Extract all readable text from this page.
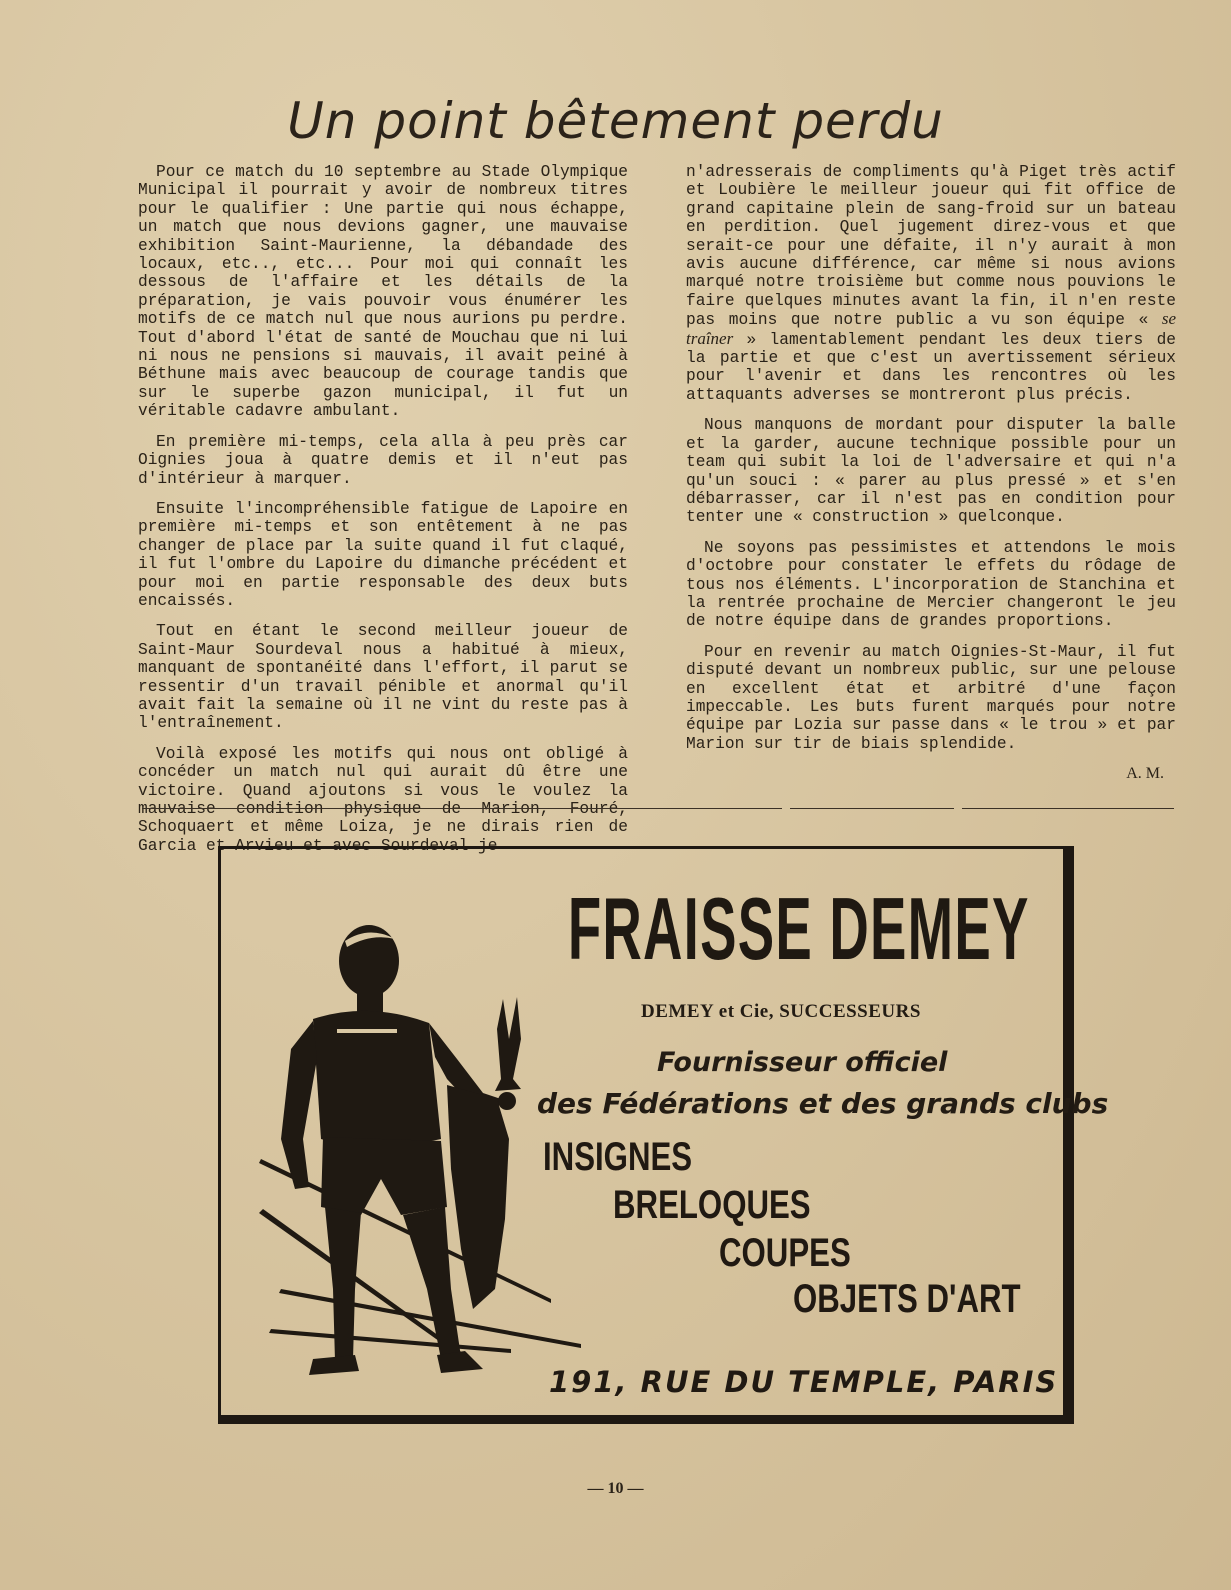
Un point bêtement perdu

Pour ce match du 10 septembre au Stade Olympique Municipal il pourrait y avoir de nombreux titres pour le qualifier : Une partie qui nous échappe, un match que nous devions gagner, une mauvaise exhibition Saint-Maurienne, la débandade des locaux, etc.., etc... Pour moi qui connaît les dessous de l'affaire et les détails de la préparation, je vais pouvoir vous énumérer les motifs de ce match nul que nous aurions pu perdre. Tout d'abord l'état de santé de Mouchau que ni lui ni nous ne pensions si mauvais, il avait peiné à Béthune mais avec beaucoup de courage tandis que sur le superbe gazon municipal, il fut un véritable cadavre ambulant.

En première mi-temps, cela alla à peu près car Oignies joua à quatre demis et il n'eut pas d'intérieur à marquer.

Ensuite l'incompréhensible fatigue de Lapoire en première mi-temps et son entêtement à ne pas changer de place par la suite quand il fut claqué, il fut l'ombre du Lapoire du dimanche précédent et pour moi en partie responsable des deux buts encaissés.

Tout en étant le second meilleur joueur de Saint-Maur Sourdeval nous a habitué à mieux, manquant de spontanéité dans l'effort, il parut se ressentir d'un travail pénible et anormal qu'il avait fait la semaine où il ne vint du reste pas à l'entraînement.

Voilà exposé les motifs qui nous ont obligé à concéder un match nul qui aurait dû être une victoire. Quand ajoutons si vous le voulez la mauvaise condition physique de Marion, Fouré, Schoquaert et même Loiza, je ne dirais rien de Garcia et Arvieu et avec Sourdeval je

n'adresserais de compliments qu'à Piget très actif et Loubière le meilleur joueur qui fit office de grand capitaine plein de sang-froid sur un bateau en perdition. Quel jugement direz-vous et que serait-ce pour une défaite, il n'y aurait à mon avis aucune différence, car même si nous avions marqué notre troisième but comme nous pouvions le faire quelques minutes avant la fin, il n'en reste pas moins que notre public a vu son équipe « se traîner » lamentablement pendant les deux tiers de la partie et que c'est un avertissement sérieux pour l'avenir et dans les rencontres où les attaquants adverses se montreront plus précis.

Nous manquons de mordant pour disputer la balle et la garder, aucune technique possible pour un team qui subit la loi de l'adversaire et qui n'a qu'un souci : « parer au plus pressé » et s'en débarrasser, car il n'est pas en condition pour tenter une « construction » quelconque.

Ne soyons pas pessimistes et attendons le mois d'octobre pour constater le effets du rôdage de tous nos éléments. L'incorporation de Stanchina et la rentrée prochaine de Mercier changeront le jeu de notre équipe dans de grandes proportions.

Pour en revenir au match Oignies-St-Maur, il fut disputé devant un nombreux public, sur une pelouse en excellent état et arbitré d'une façon impeccable. Les buts furent marqués pour notre équipe par Lozia sur passe dans « le trou » et par Marion sur tir de biais splendide.

A. M.
FRAISSE DEMEY
DEMEY et Cie, SUCCESSEURS
Fournisseur officiel
des Fédérations et des grands clubs
INSIGNES
BRELOQUES
COUPES
OBJETS D'ART
191, RUE DU TEMPLE, PARIS
— 10 —
